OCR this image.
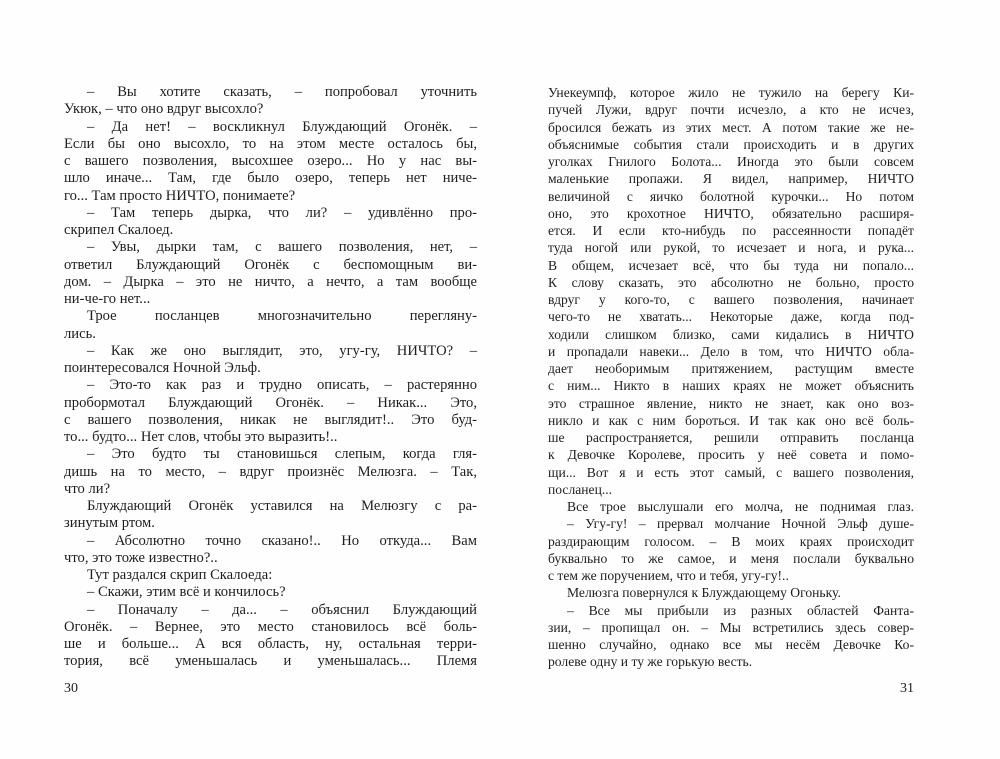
– Вы хотите сказать, – попробовал уточнить
Укюк, – что оно вдруг высохло?
– Да нет! – воскликнул Блуждающий Огонёк. –
Если бы оно высохло, то на этом месте осталось бы,
с вашего позволения, высохшее озеро... Но у нас вы-
шло иначе... Там, где было озеро, теперь нет ниче-
го... Там просто НИЧТО, понимаете?
– Там теперь дырка, что ли? – удивлённо про-
скрипел Скалоед.
– Увы, дырки там, с вашего позволения, нет, –
ответил Блуждающий Огонёк с беспомощным ви-
дом. – Дырка – это не ничто, а нечто, а там вообще
ни-че-го нет...
Трое посланцев многозначительно перегляну-
лись.
– Как же оно выглядит, это, угу-гу, НИЧТО? –
поинтересовался Ночной Эльф.
– Это-то как раз и трудно описать, – растерянно
пробормотал Блуждающий Огонёк. – Никак... Это,
с вашего позволения, никак не выглядит!.. Это буд-
то... будто... Нет слов, чтобы это выразить!..
– Это будто ты становишься слепым, когда гля-
дишь на то место, – вдруг произнёс Мелюзга. – Так,
что ли?
Блуждающий Огонёк уставился на Мелюзгу с ра-
зинутым ртом.
– Абсолютно точно сказано!.. Но откуда... Вам
что, это тоже известно?..
Тут раздался скрип Скалоеда:
– Скажи, этим всё и кончилось?
– Поначалу – да... – объяснил Блуждающий
Огонёк. – Вернее, это место становилось всё боль-
ше и больше... А вся область, ну, остальная терри-
тория, всё уменьшалась и уменьшалась... Племя
Унекеумпф, которое жило не тужило на берегу Ки-
пучей Лужи, вдруг почти исчезло, а кто не исчез,
бросился бежать из этих мест. А потом такие же не-
объяснимые события стали происходить и в других
уголках Гнилого Болота... Иногда это были совсем
маленькие пропажи. Я видел, например, НИЧТО
величиной с яичко болотной курочки... Но потом
оно, это крохотное НИЧТО, обязательно расширя-
ется. И если кто-нибудь по рассеянности попадёт
туда ногой или рукой, то исчезает и нога, и рука...
В общем, исчезает всё, что бы туда ни попало...
К слову сказать, это абсолютно не больно, просто
вдруг у кого-то, с вашего позволения, начинает
чего-то не хватать... Некоторые даже, когда под-
ходили слишком близко, сами кидались в НИЧТО
и пропадали навеки... Дело в том, что НИЧТО обла-
дает необоримым притяжением, растущим вместе
с ним... Никто в наших краях не может объяснить
это страшное явление, никто не знает, как оно воз-
никло и как с ним бороться. И так как оно всё боль-
ше распространяется, решили отправить посланца
к Девочке Королеве, просить у неё совета и помо-
щи... Вот я и есть этот самый, с вашего позволения,
посланец...
Все трое выслушали его молча, не поднимая глаз.
– Угу-гу! – прервал молчание Ночной Эльф душе-
раздирающим голосом. – В моих краях происходит
буквально то же самое, и меня послали буквально
с тем же поручением, что и тебя, угу-гу!..
Мелюзга повернулся к Блуждающему Огоньку.
– Все мы прибыли из разных областей Фанта-
зии, – пропищал он. – Мы встретились здесь совер-
шенно случайно, однако все мы несём Девочке Ко-
ролеве одну и ту же горькую весть.
30	31
